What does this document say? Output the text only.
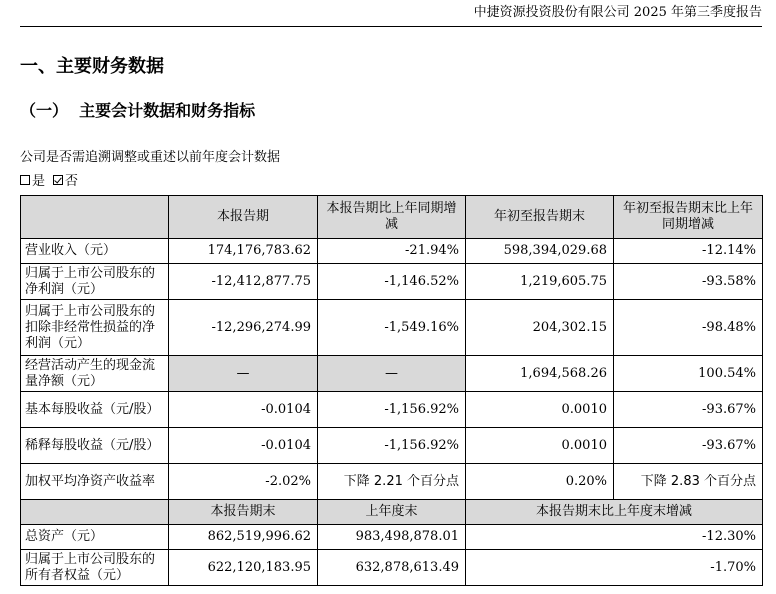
中捷资源投资股份有限公司 2025 年第三季度报告
一、主要财务数据
（一）  主要会计数据和财务指标
公司是否需追溯调整或重述以前年度会计数据
是 否
	本报告期	本报告期比上年同期增减	年初至报告期末	年初至报告期末比上年同期增减
营业收入（元）	174,176,783.62	-21.94%	598,394,029.68	-12.14%
归属于上市公司股东的净利润（元）	-12,412,877.75	-1,146.52%	1,219,605.75	-93.58%
归属于上市公司股东的扣除非经常性损益的净利润（元）	-12,296,274.99	-1,549.16%	204,302.15	-98.48%
经营活动产生的现金流量净额（元）	—	—	1,694,568.26	100.54%
基本每股收益（元/股）	-0.0104	-1,156.92%	0.0010	-93.67%
稀释每股收益（元/股）	-0.0104	-1,156.92%	0.0010	-93.67%
加权平均净资产收益率	-2.02%	下降 2.21 个百分点	0.20%	下降 2.83 个百分点
	本报告期末	上年度末	本报告期末比上年度末增减	
总资产（元）	862,519,996.62	983,498,878.01	-12.30%	
归属于上市公司股东的所有者权益（元）	622,120,183.95	632,878,613.49	-1.70%	
